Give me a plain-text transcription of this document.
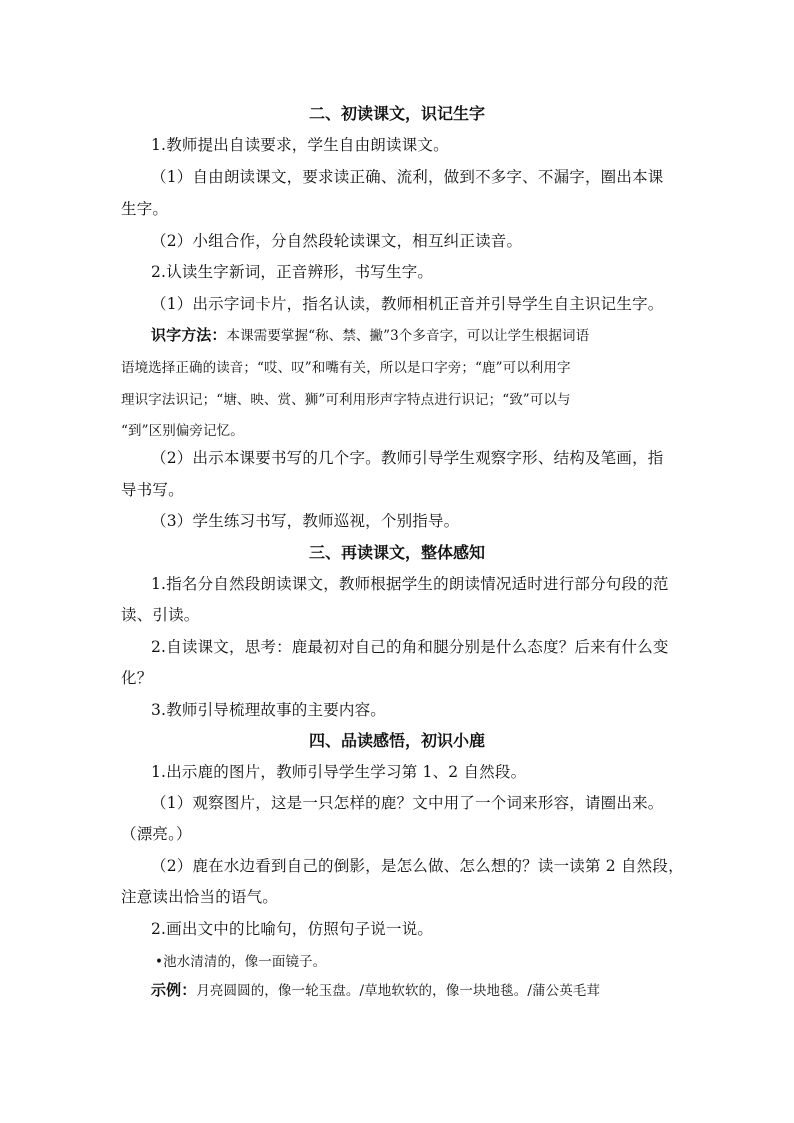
二、初读课文，识记生字
1.教师提出自读要求，学生自由朗读课文。
（1）自由朗读课文，要求读正确、流利，做到不多字、不漏字，圈出本课
生字。
（2）小组合作，分自然段轮读课文，相互纠正读音。
2.认读生字新词，正音辨形，书写生字。
（1）出示字词卡片，指名认读，教师相机正音并引导学生自主识记生字。
识字方法：本课需要掌握“称、禁、撇”3个多音字，可以让学生根据词语
语境选择正确的读音；“哎、叹”和嘴有关，所以是口字旁；“鹿”可以利用字
理识字法识记；“塘、映、赏、狮”可利用形声字特点进行识记；“致”可以与
“到”区别偏旁记忆。
（2）出示本课要书写的几个字。教师引导学生观察字形、结构及笔画，指
导书写。
（3）学生练习书写，教师巡视，个别指导。
三、再读课文，整体感知
1.指名分自然段朗读课文，教师根据学生的朗读情况适时进行部分句段的范
读、引读。
2.自读课文，思考：鹿最初对自己的角和腿分别是什么态度？后来有什么变
化？
3.教师引导梳理故事的主要内容。
四、品读感悟，初识小鹿
1.出示鹿的图片，教师引导学生学习第 1、2 自然段。
（1）观察图片，这是一只怎样的鹿？文中用了一个词来形容，请圈出来。
（漂亮。）
（2）鹿在水边看到自己的倒影，是怎么做、怎么想的？读一读第 2 自然段，
注意读出恰当的语气。
2.画出文中的比喻句，仿照句子说一说。
•池水清清的，像一面镜子。
示例：月亮圆圆的，像一轮玉盘。/草地软软的，像一块地毯。/蒲公英毛茸
